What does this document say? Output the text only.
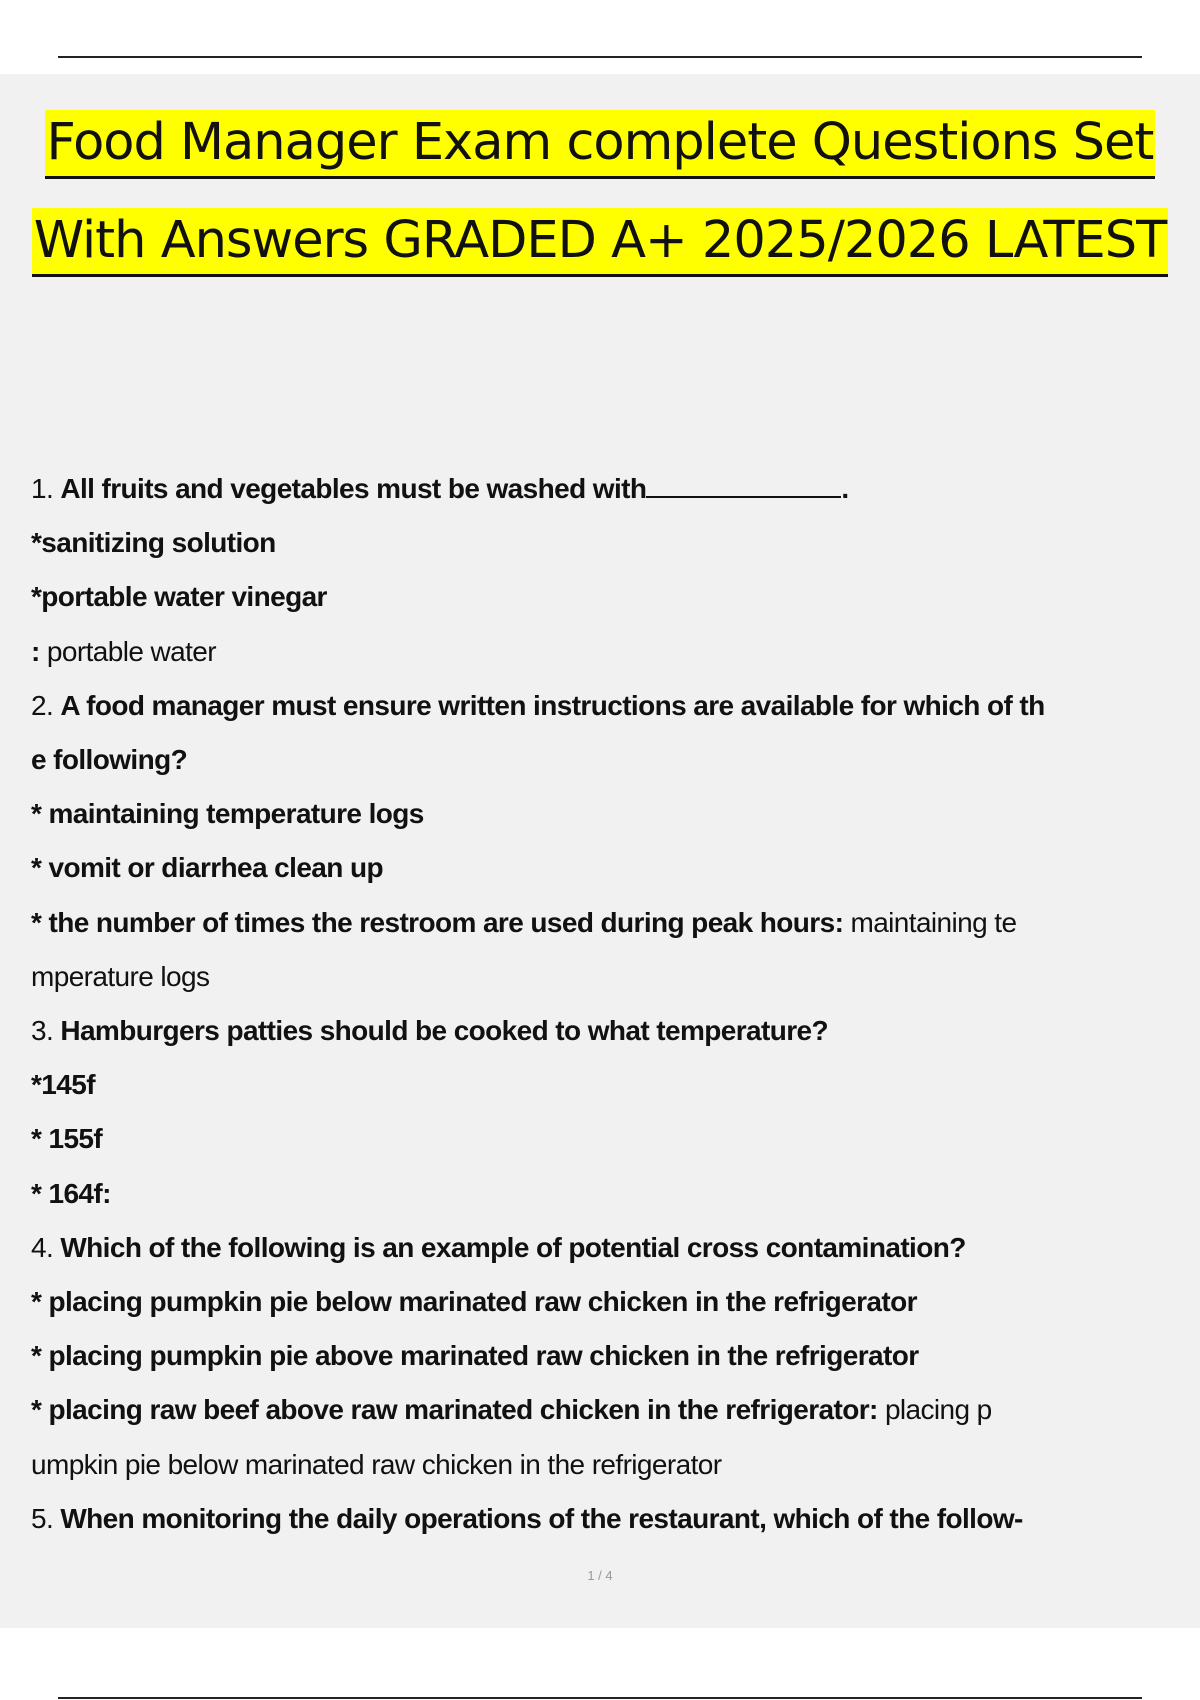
Food Manager Exam complete Questions Set
With Answers GRADED A+ 2025/2026 LATEST

1. All fruits and vegetables must be washed with	.

*sanitizing solution

*portable water vinegar

: portable water

2. A food manager must ensure written instructions are available for which of th

e following?

* maintaining temperature logs

* vomit or diarrhea clean up

* the number of times the restroom are used during peak hours: maintaining te

mperature logs

3. Hamburgers patties should be cooked to what temperature?

*145f

* 155f

* 164f:

4. Which of the following is an example of potential cross contamination?

* placing pumpkin pie below marinated raw chicken in the refrigerator

* placing pumpkin pie above marinated raw chicken in the refrigerator

* placing raw beef above raw marinated chicken in the refrigerator: placing p

umpkin pie below marinated raw chicken in the refrigerator

5. When monitoring the daily operations of the restaurant, which of the follow-

1 / 4
